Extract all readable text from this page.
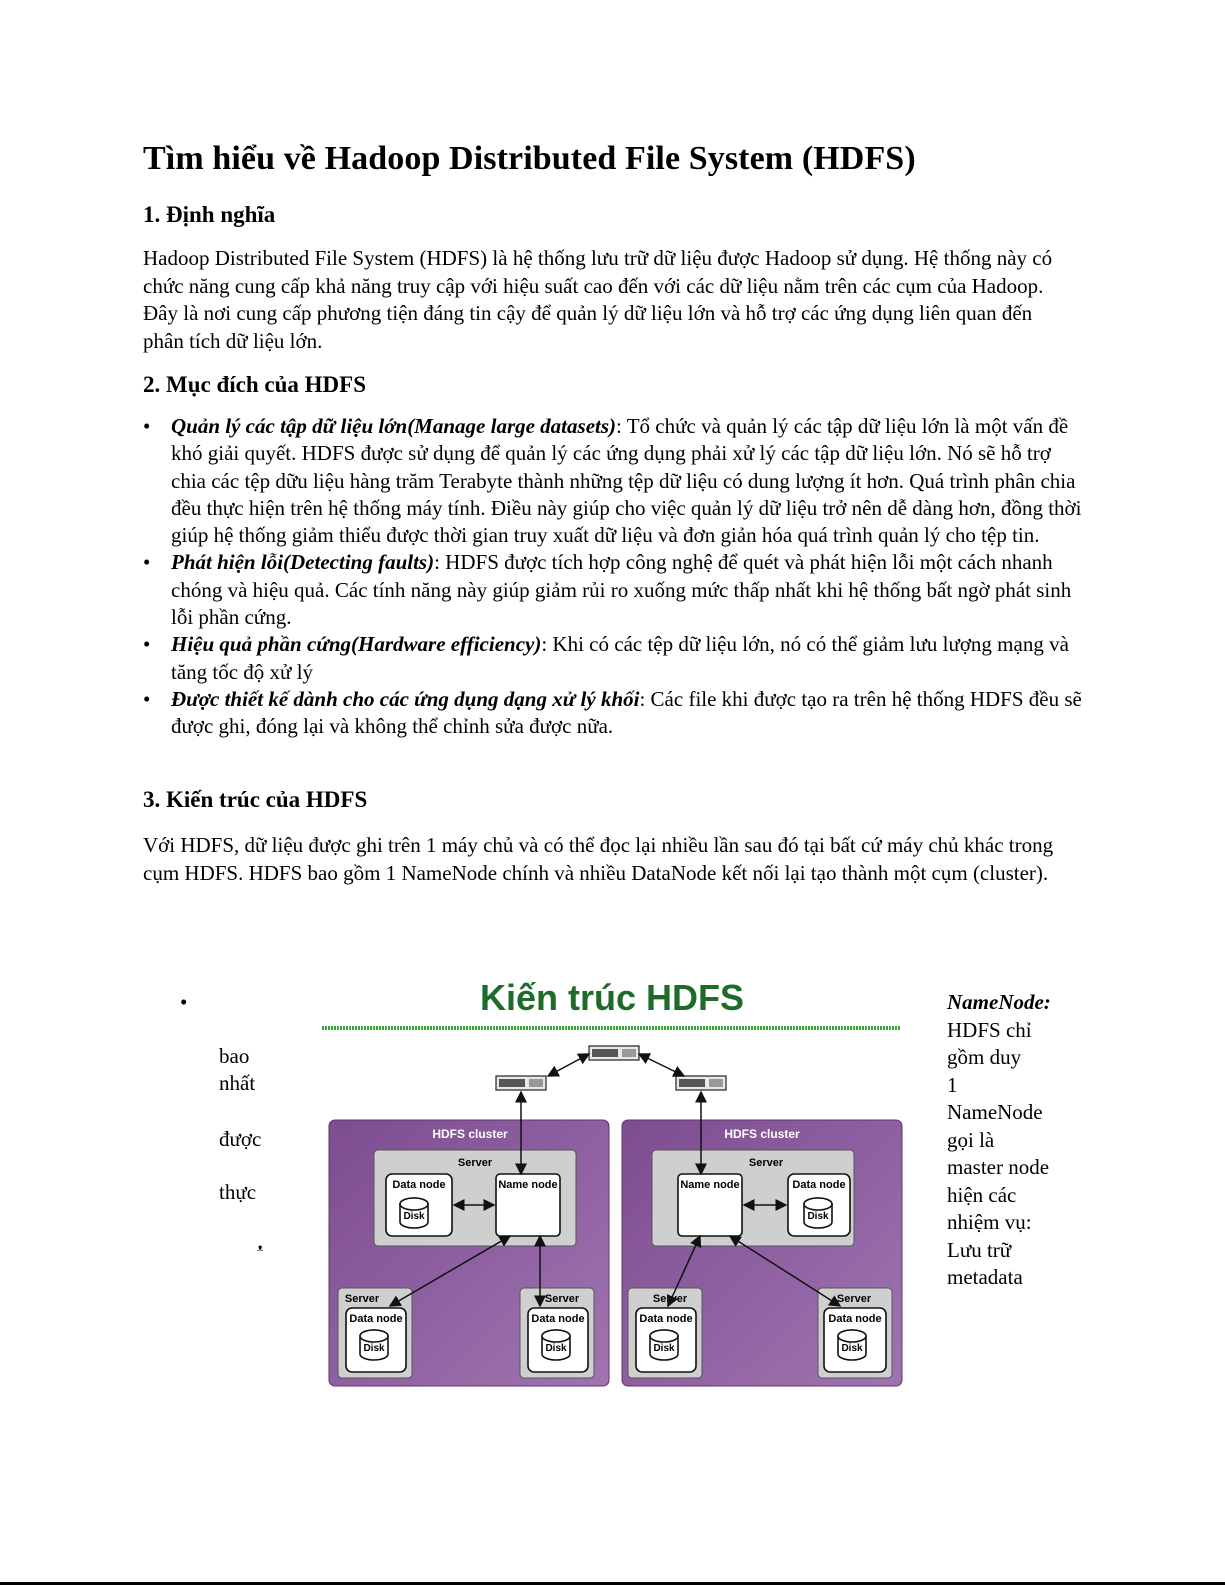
Tìm hiểu về Hadoop Distributed File System (HDFS)
1. Định nghĩa

Hadoop Distributed File System (HDFS) là hệ thống lưu trữ dữ liệu được Hadoop sử dụng. Hệ thống này có chức năng cung cấp khả năng truy cập với hiệu suất cao đến với các dữ liệu nằm trên các cụm của Hadoop. Đây là nơi cung cấp phương tiện đáng tin cậy để quản lý dữ liệu lớn và hỗ trợ các ứng dụng liên quan đến phân tích dữ liệu lớn.

2. Mục đích của HDFS
• Quản lý các tập dữ liệu lớn(Manage large datasets): Tổ chức và quản lý các tập dữ liệu lớn là một vấn đề khó giải quyết. HDFS được sử dụng để quản lý các ứng dụng phải xử lý các tập dữ liệu lớn. Nó sẽ hỗ trợ chia các tệp dữu liệu hàng trăm Terabyte thành những tệp dữ liệu có dung lượng ít hơn. Quá trình phân chia đều thực hiện trên hệ thống máy tính. Điều này giúp cho việc quản lý dữ liệu trở nên dễ dàng hơn, đồng thời giúp hệ thống giảm thiểu được thời gian truy xuất dữ liệu và đơn giản hóa quá trình quản lý cho tệp tin.
• Phát hiện lỗi(Detecting faults): HDFS được tích hợp công nghệ để quét và phát hiện lỗi một cách nhanh chóng và hiệu quả. Các tính năng này giúp giảm rủi ro xuống mức thấp nhất khi hệ thống bất ngờ phát sinh lỗi phần cứng.
• Hiệu quả phần cứng(Hardware efficiency): Khi có các tệp dữ liệu lớn, nó có thể giảm lưu lượng mạng và tăng tốc độ xử lý
• Được thiết kế dành cho các ứng dụng dạng xử lý khối: Các file khi được tạo ra trên hệ thống HDFS đều sẽ được ghi, đóng lại và không thể chỉnh sửa được nữa.
3. Kiến trúc của HDFS

Với HDFS, dữ liệu được ghi trên 1 máy chủ và có thể đọc lại nhiều lần sau đó tại bất cứ máy chủ khác trong cụm HDFS. HDFS bao gồm 1 NameNode chính và nhiều DataNode kết nối lại tạo thành một cụm (cluster).

•
bao
nhất
được
thực
ᴥ
NameNode:
HDFS chỉ
gồm duy
1
NameNode
gọi là
master node
hiện các
nhiệm vụ:
Lưu trữ
metadata
Kiến trúc HDFS
HDFS cluster
Server
Data node
Disk
Name node
Server
Data node
Disk
Server
Data node
Disk
HDFS cluster
Server
Name node	Data node
Disk
Server
Data node
Disk
Server
Data node
Disk
